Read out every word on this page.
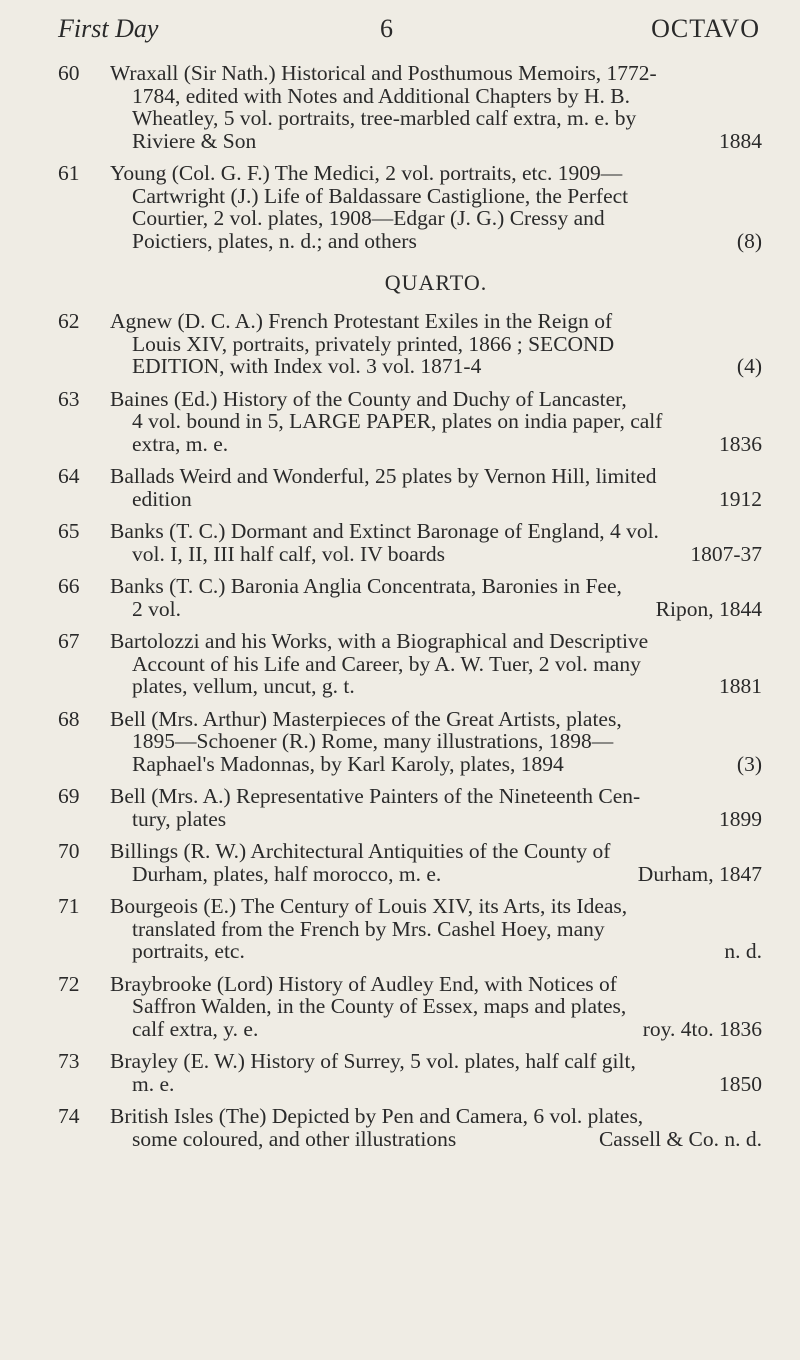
First Day	6	OCTAVO
60	Wraxall (Sir Nath.) Historical and Posthumous Memoirs, 1772-
1784, edited with Notes and Additional Chapters by H. B.
Wheatley, 5 vol. portraits, tree-marbled calf extra, m. e. by
Riviere & Son	1884
61	Young (Col. G. F.) The Medici, 2 vol. portraits, etc. 1909—
Cartwright (J.) Life of Baldassare Castiglione, the Perfect
Courtier, 2 vol. plates, 1908—Edgar (J. G.) Cressy and
Poictiers, plates, n. d.; and others	(8)
QUARTO.
62	Agnew (D. C. A.) French Protestant Exiles in the Reign of
Louis XIV, portraits, privately printed, 1866 ; SECOND
EDITION, with Index vol. 3 vol. 1871-4	(4)
63	Baines (Ed.) History of the County and Duchy of Lancaster,
4 vol. bound in 5, LARGE PAPER, plates on india paper, calf
extra, m. e.	1836
64	Ballads Weird and Wonderful, 25 plates by Vernon Hill, limited
edition	1912
65	Banks (T. C.) Dormant and Extinct Baronage of England, 4 vol.
vol. I, II, III half calf, vol. IV boards	1807-37
66	Banks (T. C.) Baronia Anglia Concentrata, Baronies in Fee,
2 vol.	Ripon, 1844
67	Bartolozzi and his Works, with a Biographical and Descriptive
Account of his Life and Career, by A. W. Tuer, 2 vol. many
plates, vellum, uncut, g. t.	1881
68	Bell (Mrs. Arthur) Masterpieces of the Great Artists, plates,
1895—Schoener (R.) Rome, many illustrations, 1898—
Raphael's Madonnas, by Karl Karoly, plates, 1894	(3)
69	Bell (Mrs. A.) Representative Painters of the Nineteenth Cen-
tury, plates	1899
70	Billings (R. W.) Architectural Antiquities of the County of
Durham, plates, half morocco, m. e.	Durham, 1847
71	Bourgeois (E.) The Century of Louis XIV, its Arts, its Ideas,
translated from the French by Mrs. Cashel Hoey, many
portraits, etc.	n. d.
72	Braybrooke (Lord) History of Audley End, with Notices of
Saffron Walden, in the County of Essex, maps and plates,
calf extra, y. e.	roy. 4to. 1836
73	Brayley (E. W.) History of Surrey, 5 vol. plates, half calf gilt,
m. e.	1850
74	British Isles (The) Depicted by Pen and Camera, 6 vol. plates,
some coloured, and other illustrations	Cassell & Co. n. d.
